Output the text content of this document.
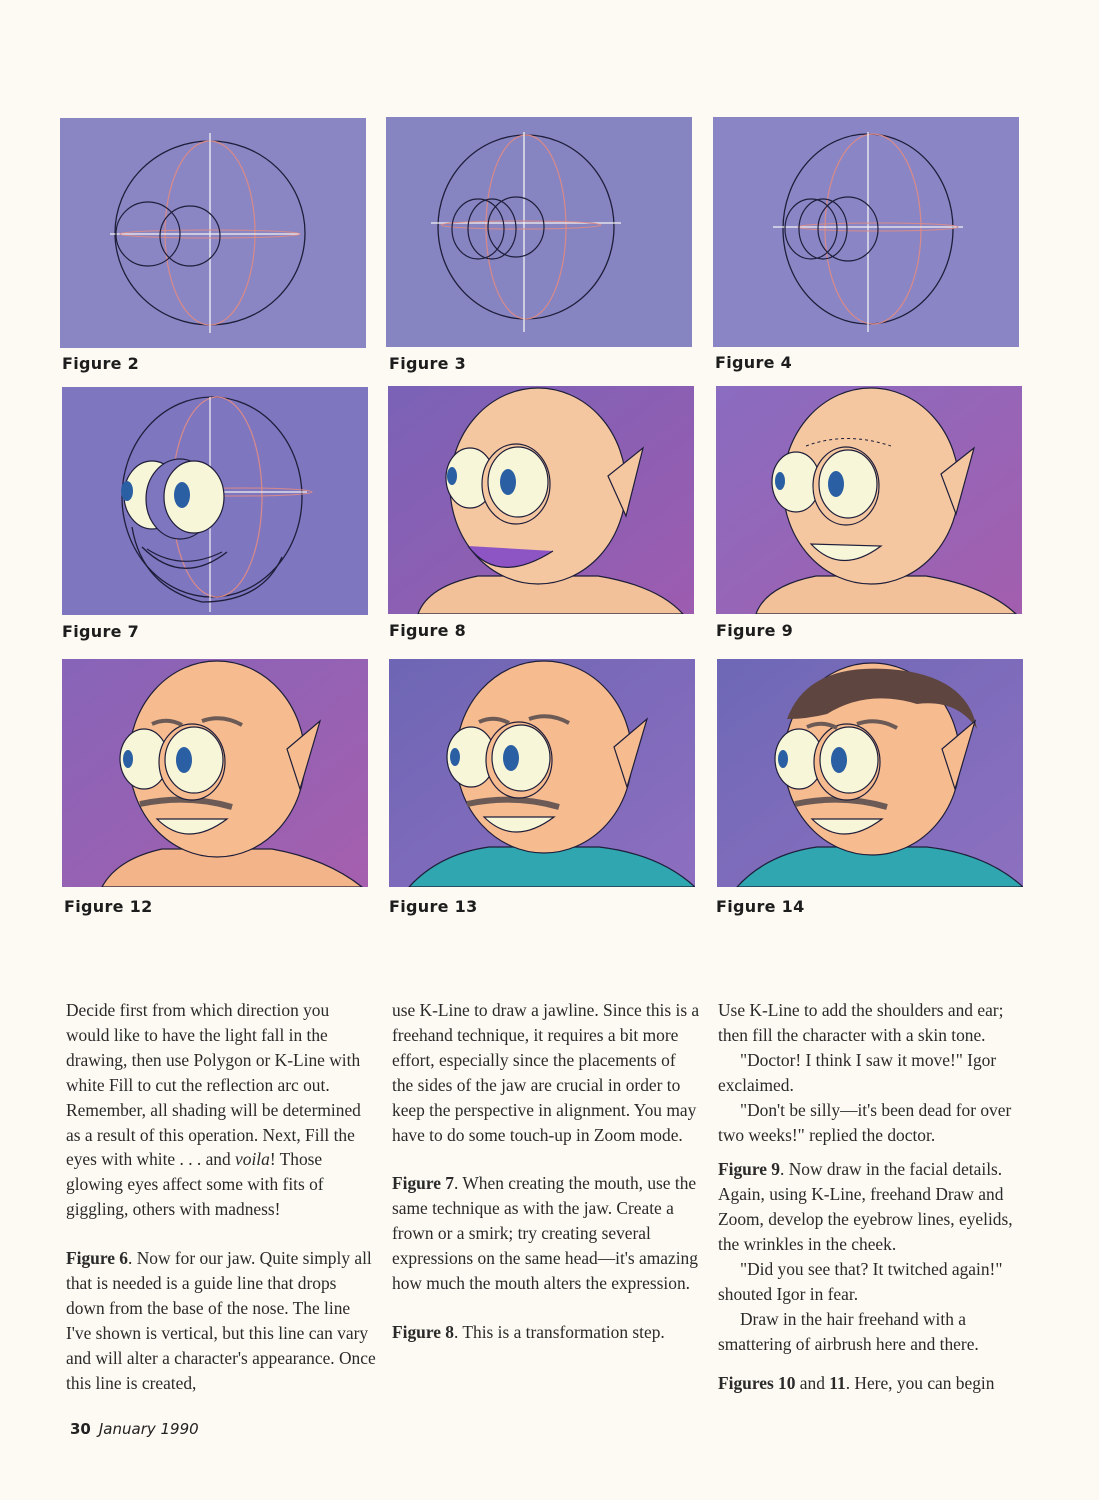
Figure 2	Figure 3	Figure 4
Figure 7	Figure 8	Figure 9
Figure 12	Figure 13	Figure 14

Decide first from which direction you would like to have the light fall in the drawing, then use Polygon or K-Line with white Fill to cut the reflection arc out. Remember, all shading will be determined as a result of this operation. Next, Fill the eyes with white . . . and voila! Those glowing eyes affect some with fits of giggling, others with madness!

Figure 6. Now for our jaw. Quite simply all that is needed is a guide line that drops down from the base of the nose. The line I've shown is vertical, but this line can vary and will alter a character's appearance. Once this line is created,

use K-Line to draw a jawline. Since this is a freehand technique, it requires a bit more effort, especially since the placements of the sides of the jaw are crucial in order to keep the perspective in alignment. You may have to do some touch-up in Zoom mode.

Figure 7. When creating the mouth, use the same technique as with the jaw. Create a frown or a smirk; try creating several expressions on the same head—it's amazing how much the mouth alters the expression.

Figure 8. This is a transformation step.

Use K-Line to add the shoulders and ear; then fill the character with a skin tone.

"Doctor! I think I saw it move!" Igor exclaimed.

"Don't be silly—it's been dead for over two weeks!" replied the doctor.

Figure 9. Now draw in the facial details. Again, using K-Line, freehand Draw and Zoom, develop the eyebrow lines, eyelids, the wrinkles in the cheek.

"Did you see that? It twitched again!" shouted Igor in fear.

Draw in the hair freehand with a smattering of airbrush here and there.

Figures 10 and 11. Here, you can begin

30 January 1990
